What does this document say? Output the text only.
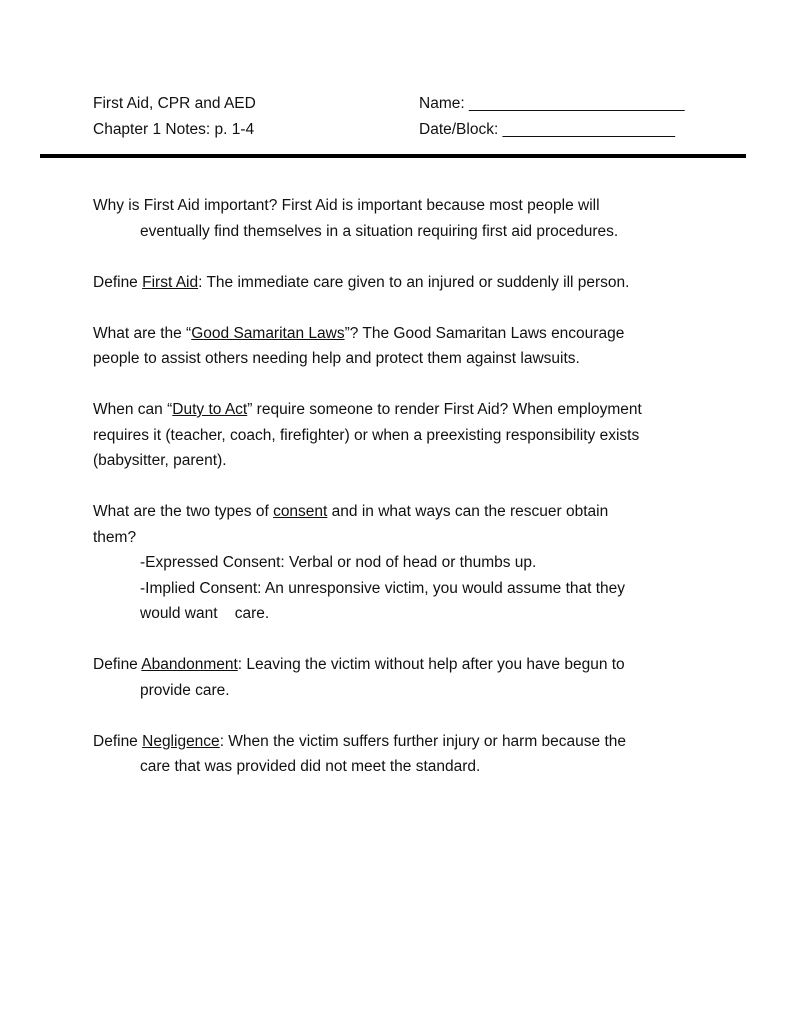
First Aid, CPR and AED
Chapter 1 Notes: p. 1-4
Name: _________________________
Date/Block: ____________________
Why is First Aid important? First Aid is important because most people will
eventually find themselves in a situation requiring first aid procedures.
Define First Aid: The immediate care given to an injured or suddenly ill person.
What are the “Good Samaritan Laws”? The Good Samaritan Laws encourage
people to assist others needing help and protect them against lawsuits.
When can “Duty to Act” require someone to render First Aid? When employment
requires it (teacher, coach, firefighter) or when a preexisting responsibility exists
(babysitter, parent).
What are the two types of consent and in what ways can the rescuer obtain
them?
-Expressed Consent: Verbal or nod of head or thumbs up.
-Implied Consent: An unresponsive victim, you would assume that they
would want    care.
Define Abandonment: Leaving the victim without help after you have begun to
provide care.
Define Negligence: When the victim suffers further injury or harm because the
care that was provided did not meet the standard.
